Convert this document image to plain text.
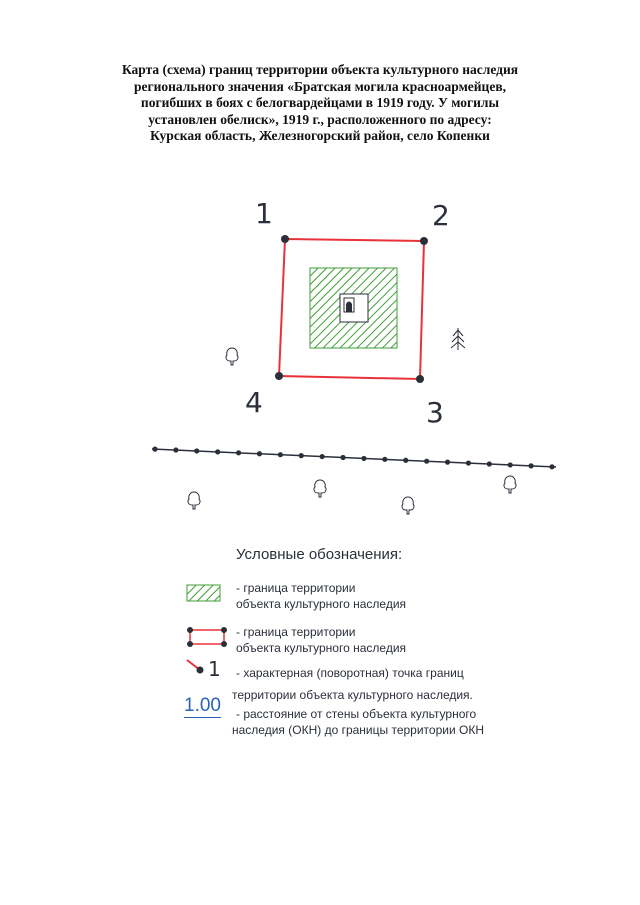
Карта (схема) границ территории объекта культурного наследия
регионального значения «Братская могила красноармейцев,
погибших в боях с белогвардейцами в 1919 году. У могилы
установлен обелиск», 1919 г., расположенного по адресу:
Курская область, Железногорский район, село Копенки
1	2
3
4
1
Условные обозначения:
- граница территории
объекта культурного наследия
- граница территории
объекта культурного наследия
- характерная (поворотная) точка границ
территории объекта культурного наследия.
1.00	- расстояние от стены объекта культурного
наследия (ОКН) до границы территории ОКН
